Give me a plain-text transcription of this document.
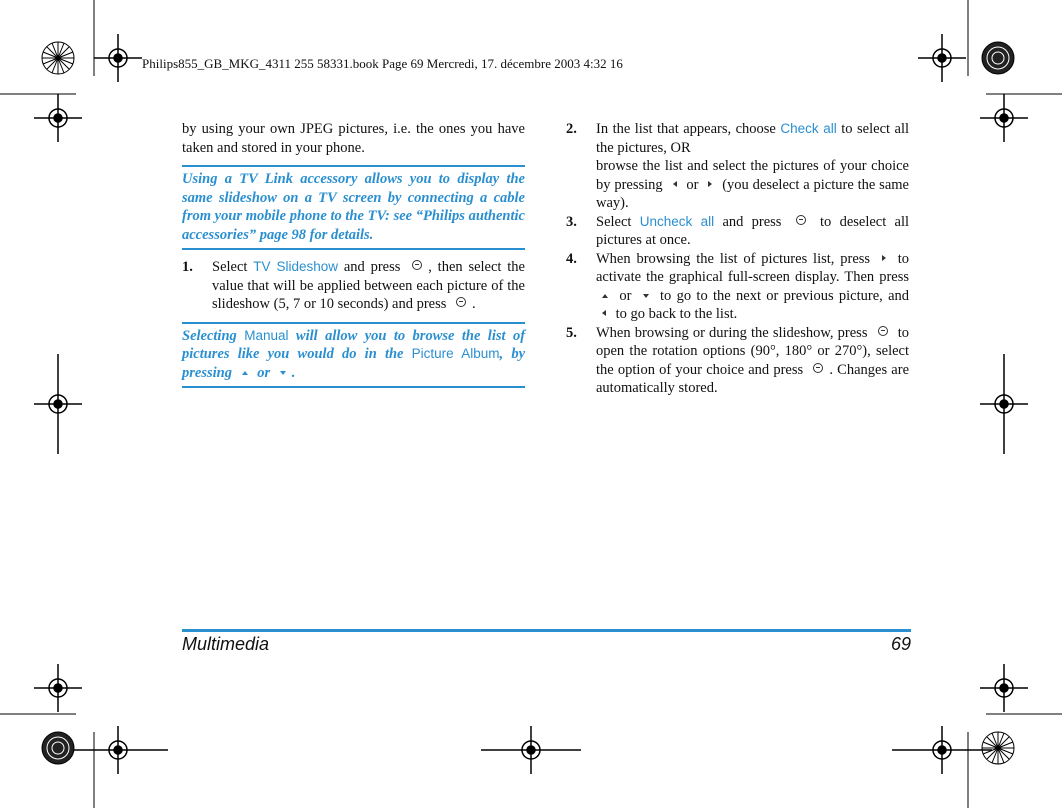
Philips855_GB_MKG_4311 255 58331.book Page 69 Mercredi, 17. décembre 2003 4:32 16

by using your own JPEG pictures, i.e. the ones you have taken and stored in your phone.

Using a TV Link accessory allows you to display the same slideshow on a TV screen by connecting a cable from your mobile phone to the TV: see “Philips authentic accessories” page 98 for details.

1. Select TV Slideshow and press , then select the value that will be applied between each picture of the slideshow (5, 7 or 10 seconds) and press .

Selecting Manual will allow you to browse the list of pictures like you would do in the Picture Album, by pressing or .

2. In the list that appears, choose Check all to select all the pictures, OR

browse the list and select the pictures of your choice by pressing or (you deselect a picture the same way).

3. Select Uncheck all and press	to deselect all pictures at once.

4. When browsing the list of pictures list, press to activate the graphical full-screen display. Then press  or to go to the next or previous picture, and  to go back to the list.

5. When browsing or during the slideshow, press to open the rotation options (90°, 180° or 270°), select the option of your choice and press . Changes are automatically stored.

Multimedia	69
